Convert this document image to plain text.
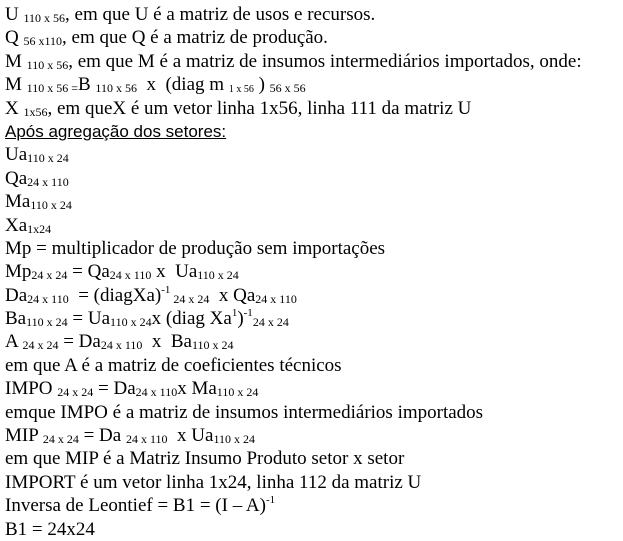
U 110 x 56, em que U é a matriz de usos e recursos.
Q 56 x110, em que Q é a matriz de produção.
M 110 x 56, em que M é a matriz de insumos intermediários importados, onde:
M 110 x 56 =B 110 x 56  x  (diag m 1 x 56 ) 56 x 56
X 1x56, em queX é um vetor linha 1x56, linha 111 da matriz U
Após agregação dos setores:
Ua110 x 24
Qa24 x 110
Ma110 x 24
Xa1x24
Mp = multiplicador de produção sem importações
Mp24 x 24 = Qa24 x 110 x  Ua110 x 24
Da24 x 110  = (diagXa)$^{-1}$ 24 x 24  x Qa24 x 110
Ba110 x 24 = Ua110 x 24x (diag Xa$^1$)$^{-1}$24 x 24
A 24 x 24 = Da24 x 110  x  Ba110 x 24
em que A é a matriz de coeficientes técnicos
IMPO 24 x 24 = Da24 x 110x Ma110 x 24
emque IMPO é a matriz de insumos intermediários importados
MIP 24 x 24 = Da 24 x 110  x Ua110 x 24
em que MIP é a Matriz Insumo Produto setor x setor
IMPORT é um vetor linha 1x24, linha 112 da matriz U
Inversa de Leontief = B1 = (I – A)$^{-1}$
B1 = 24x24
